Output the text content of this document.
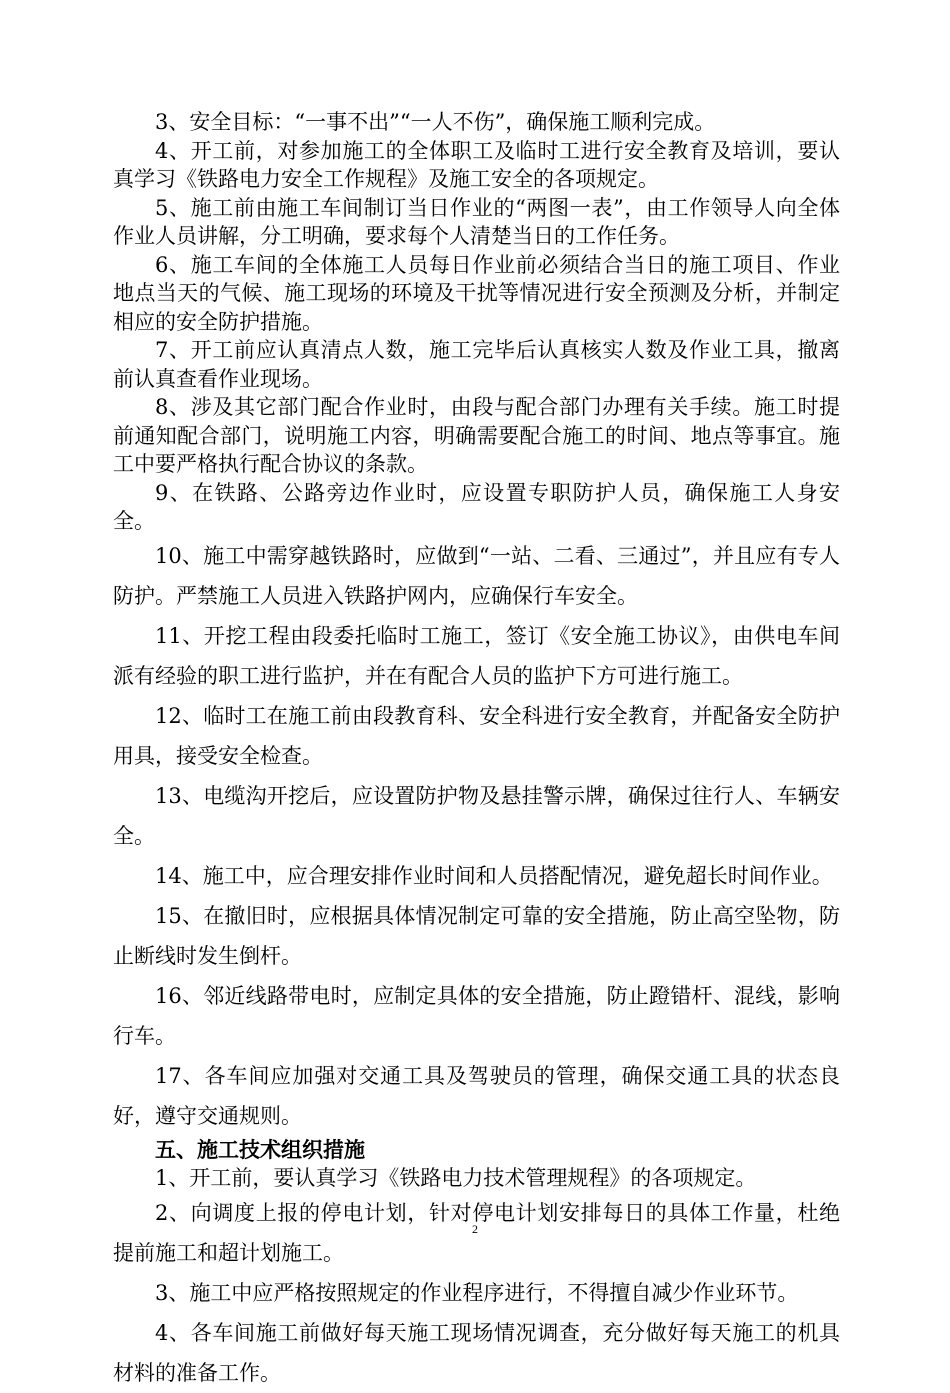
3、安全目标：“一事不出”“一人不伤”，确保施工顺利完成。

4、开工前，对参加施工的全体职工及临时工进行安全教育及培训，要认真学习《铁路电力安全工作规程》及施工安全的各项规定。

5、施工前由施工车间制订当日作业的“两图一表”，由工作领导人向全体作业人员讲解，分工明确，要求每个人清楚当日的工作任务。

6、施工车间的全体施工人员每日作业前必须结合当日的施工项目、作业地点当天的气候、施工现场的环境及干扰等情况进行安全预测及分析，并制定相应的安全防护措施。

7、开工前应认真清点人数，施工完毕后认真核实人数及作业工具，撤离前认真查看作业现场。

8、涉及其它部门配合作业时，由段与配合部门办理有关手续。施工时提前通知配合部门，说明施工内容，明确需要配合施工的时间、地点等事宜。施工中要严格执行配合协议的条款。

9、在铁路、公路旁边作业时，应设置专职防护人员，确保施工人身安全。

10、施工中需穿越铁路时，应做到“一站、二看、三通过”，并且应有专人防护。严禁施工人员进入铁路护网内，应确保行车安全。

11、开挖工程由段委托临时工施工，签订《安全施工协议》，由供电车间派有经验的职工进行监护，并在有配合人员的监护下方可进行施工。

12、临时工在施工前由段教育科、安全科进行安全教育，并配备安全防护用具，接受安全检查。

13、电缆沟开挖后，应设置防护物及悬挂警示牌，确保过往行人、车辆安全。

14、施工中，应合理安排作业时间和人员搭配情况，避免超长时间作业。

15、在撤旧时，应根据具体情况制定可靠的安全措施，防止高空坠物，防止断线时发生倒杆。

16、邻近线路带电时，应制定具体的安全措施，防止蹬错杆、混线，影响行车。

17、各车间应加强对交通工具及驾驶员的管理，确保交通工具的状态良好，遵守交通规则。

五、施工技术组织措施

1、开工前，要认真学习《铁路电力技术管理规程》的各项规定。

2、向调度上报的停电计划，针对停电计划安排每日的具体工作量，杜绝提前施工和超计划施工。

3、施工中应严格按照规定的作业程序进行，不得擅自减少作业环节。

4、各车间施工前做好每天施工现场情况调查，充分做好每天施工的机具材料的准备工作。

2
